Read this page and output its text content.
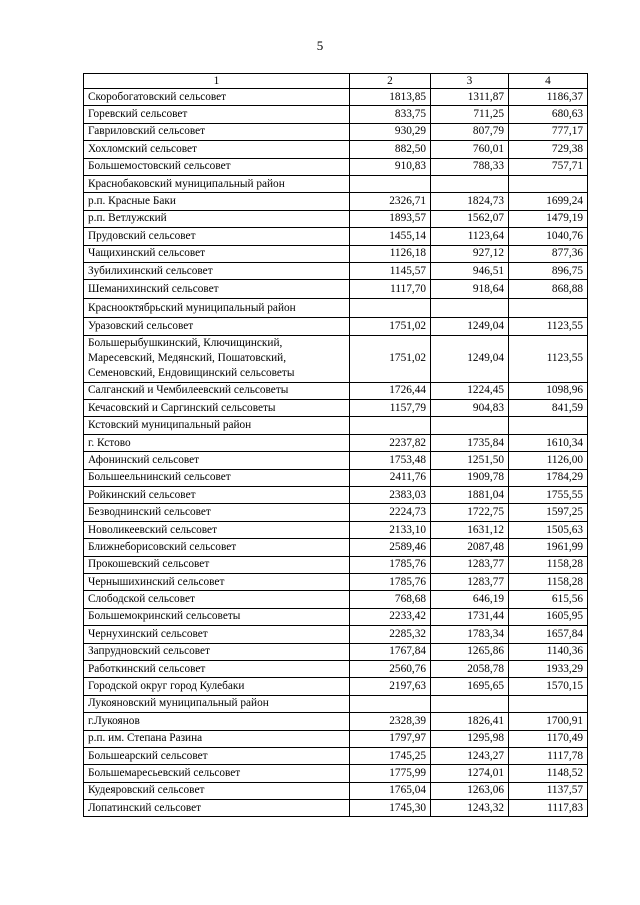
5
1	2	3	4
Скоробогатовский сельсовет	1813,85	1311,87	1186,37
Горевский сельсовет	833,75	711,25	680,63
Гавриловский сельсовет	930,29	807,79	777,17
Хохломский сельсовет	882,50	760,01	729,38
Большемостовский сельсовет	910,83	788,33	757,71
Краснобаковский муниципальный район			
р.п. Красные Баки	2326,71	1824,73	1699,24
р.п. Ветлужский	1893,57	1562,07	1479,19
Прудовский сельсовет	1455,14	1123,64	1040,76
Чащихинский сельсовет	1126,18	927,12	877,36
Зубилихинский сельсовет	1145,57	946,51	896,75
Шеманихинский сельсовет	1117,70	918,64	868,88
Краснооктябрьский муниципальный район			
Уразовский сельсовет	1751,02	1249,04	1123,55
Большерыбушкинский, Ключищинский, Маресевский, Медянский, Пошатовский, Семеновский, Ендовищинский сельсоветы	1751,02	1249,04	1123,55
Салганский и Чембилеевский сельсоветы	1726,44	1224,45	1098,96
Кечасовский и Саргинский сельсоветы	1157,79	904,83	841,59
Кстовский муниципальный район			
г. Кстово	2237,82	1735,84	1610,34
Афонинский сельсовет	1753,48	1251,50	1126,00
Большеельнинский сельсовет	2411,76	1909,78	1784,29
Ройкинский сельсовет	2383,03	1881,04	1755,55
Безводнинский сельсовет	2224,73	1722,75	1597,25
Новоликеевский сельсовет	2133,10	1631,12	1505,63
Ближнеборисовский сельсовет	2589,46	2087,48	1961,99
Прокошевский сельсовет	1785,76	1283,77	1158,28
Чернышихинский сельсовет	1785,76	1283,77	1158,28
Слободской сельсовет	768,68	646,19	615,56
Большемокринский сельсоветы	2233,42	1731,44	1605,95
Чернухинский сельсовет	2285,32	1783,34	1657,84
Запрудновский сельсовет	1767,84	1265,86	1140,36
Работкинский сельсовет	2560,76	2058,78	1933,29
Городской округ город Кулебаки	2197,63	1695,65	1570,15
Лукояновский муниципальный район			
г.Лукоянов	2328,39	1826,41	1700,91
р.п. им. Степана Разина	1797,97	1295,98	1170,49
Большеарский сельсовет	1745,25	1243,27	1117,78
Большемаресьевский сельсовет	1775,99	1274,01	1148,52
Кудеяровский сельсовет	1765,04	1263,06	1137,57
Лопатинский сельсовет	1745,30	1243,32	1117,83
